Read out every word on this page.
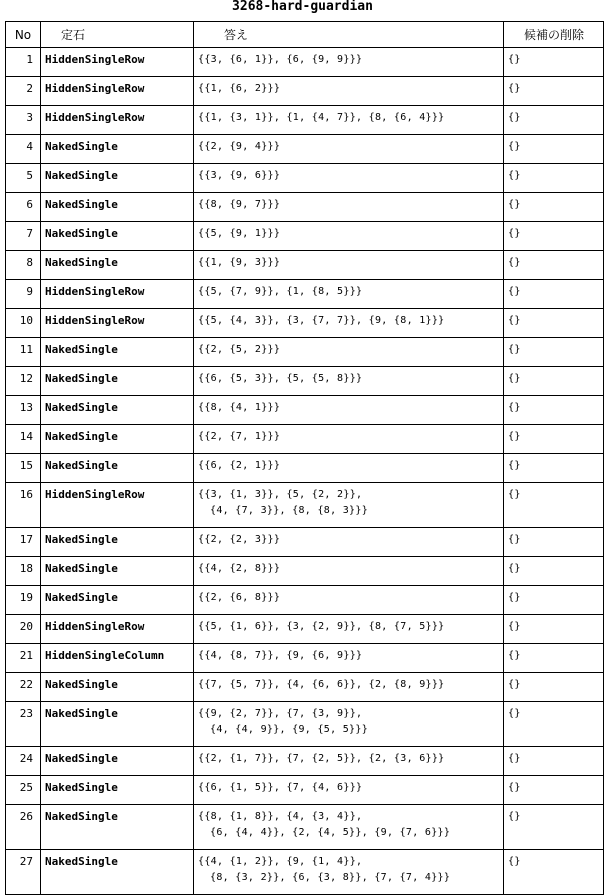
3268-hard-guardian
No	定石	答え	候補の削除
1	HiddenSingleRow	{{3, {6, 1}}, {6, {9, 9}}}	{}
2	HiddenSingleRow	{{1, {6, 2}}}	{}
3	HiddenSingleRow	{{1, {3, 1}}, {1, {4, 7}}, {8, {6, 4}}}	{}
4	NakedSingle	{{2, {9, 4}}}	{}
5	NakedSingle	{{3, {9, 6}}}	{}
6	NakedSingle	{{8, {9, 7}}}	{}
7	NakedSingle	{{5, {9, 1}}}	{}
8	NakedSingle	{{1, {9, 3}}}	{}
9	HiddenSingleRow	{{5, {7, 9}}, {1, {8, 5}}}	{}
10	HiddenSingleRow	{{5, {4, 3}}, {3, {7, 7}}, {9, {8, 1}}}	{}
11	NakedSingle	{{2, {5, 2}}}	{}
12	NakedSingle	{{6, {5, 3}}, {5, {5, 8}}}	{}
13	NakedSingle	{{8, {4, 1}}}	{}
14	NakedSingle	{{2, {7, 1}}}	{}
15	NakedSingle	{{6, {2, 1}}}	{}
16	HiddenSingleRow	{{3, {1, 3}}, {5, {2, 2}},
{4, {7, 3}}, {8, {8, 3}}}	{}
17	NakedSingle	{{2, {2, 3}}}	{}
18	NakedSingle	{{4, {2, 8}}}	{}
19	NakedSingle	{{2, {6, 8}}}	{}
20	HiddenSingleRow	{{5, {1, 6}}, {3, {2, 9}}, {8, {7, 5}}}	{}
21	HiddenSingleColumn	{{4, {8, 7}}, {9, {6, 9}}}	{}
22	NakedSingle	{{7, {5, 7}}, {4, {6, 6}}, {2, {8, 9}}}	{}
23	NakedSingle	{{9, {2, 7}}, {7, {3, 9}},
{4, {4, 9}}, {9, {5, 5}}}	{}
24	NakedSingle	{{2, {1, 7}}, {7, {2, 5}}, {2, {3, 6}}}	{}
25	NakedSingle	{{6, {1, 5}}, {7, {4, 6}}}	{}
26	NakedSingle	{{8, {1, 8}}, {4, {3, 4}},
{6, {4, 4}}, {2, {4, 5}}, {9, {7, 6}}}	{}
27	NakedSingle	{{4, {1, 2}}, {9, {1, 4}},
{8, {3, 2}}, {6, {3, 8}}, {7, {7, 4}}}	{}
